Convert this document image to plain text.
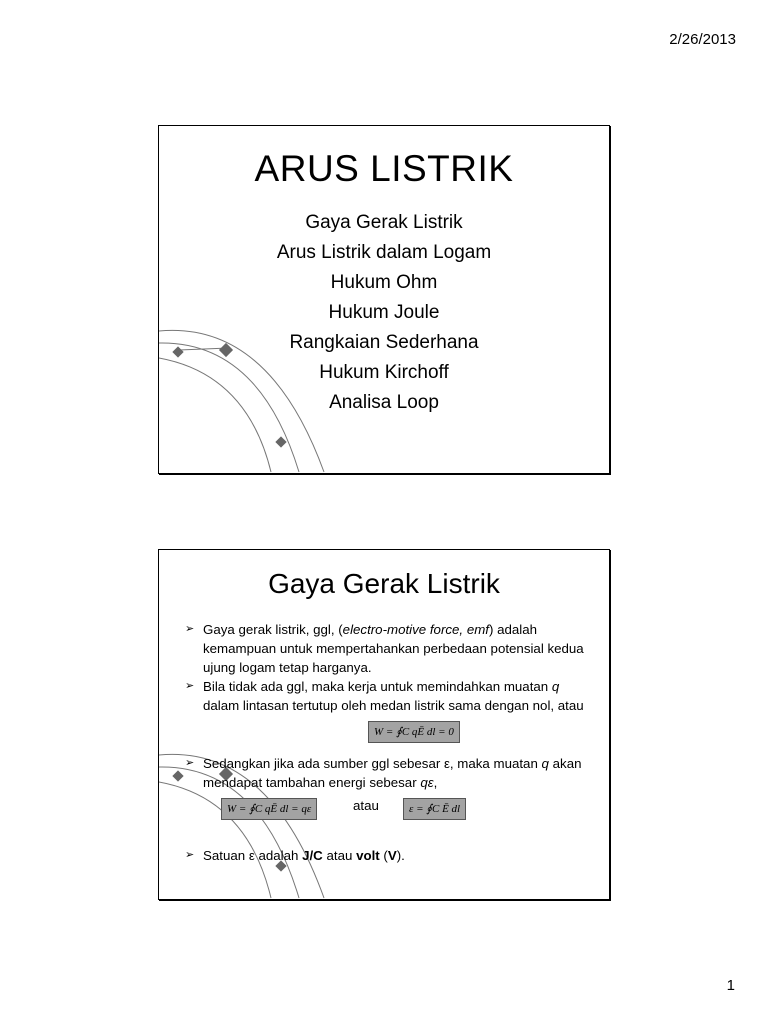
2/26/2013
ARUS LISTRIK
Gaya Gerak Listrik
Arus Listrik dalam Logam
Hukum Ohm
Hukum Joule
Rangkaian Sederhana
Hukum Kirchoff
Analisa Loop
Gaya Gerak Listrik
➢ Gaya gerak listrik, ggl, (electro-motive force, emf) adalah kemampuan untuk mempertahankan perbedaan potensial kedua ujung logam tetap harganya.
➢ Bila tidak ada ggl, maka kerja untuk memindahkan muatan q dalam lintasan tertutup oleh medan listrik sama dengan nol, atau
W = ∮C qĒ dl = 0
➢ Sedangkan jika ada sumber ggl sebesar ε, maka muatan q akan mendapat tambahan energi sebesar qε,
W = ∮C qĒ dl = qε	atau	ε = ∮C Ē dl
➢ Satuan ε adalah J/C atau volt (V).
1
